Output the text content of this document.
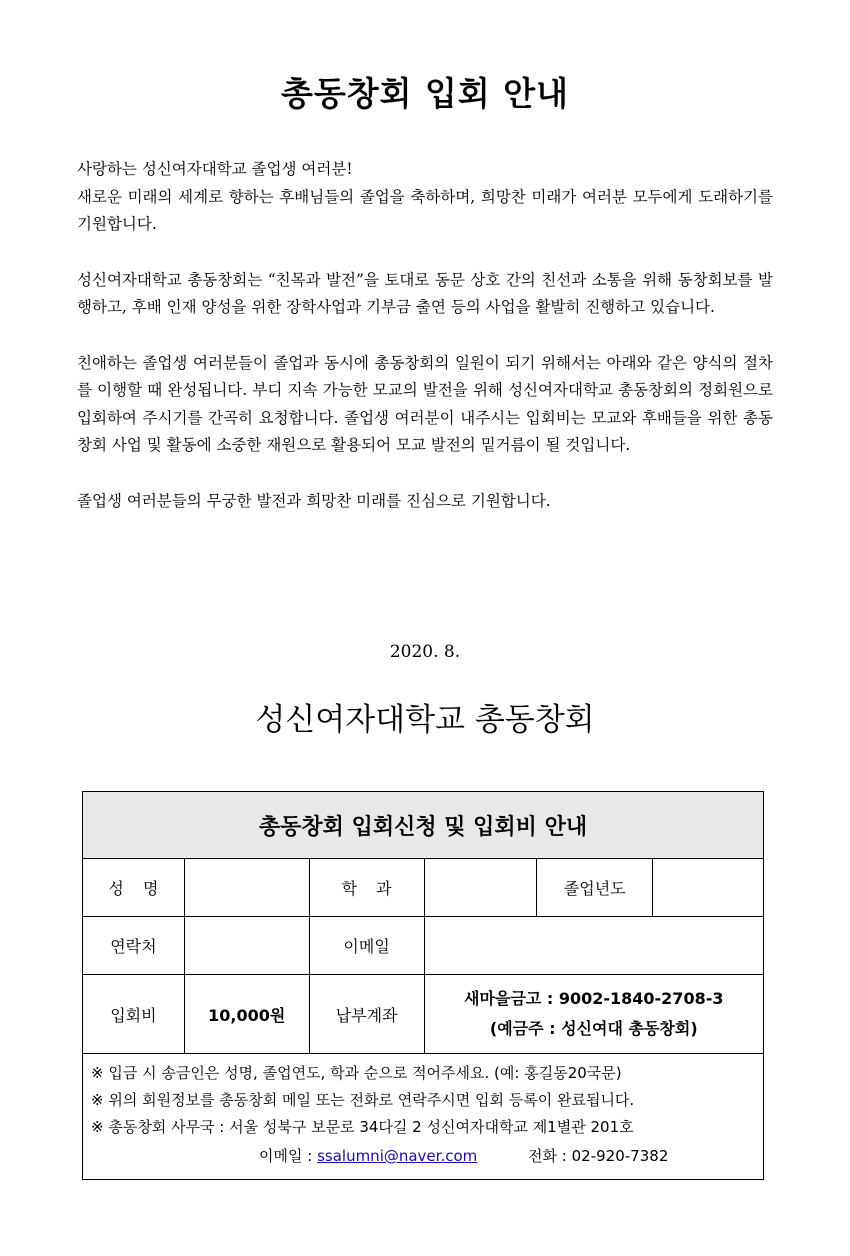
총동창회 입회 안내

사랑하는 성신여자대학교 졸업생 여러분!
새로운 미래의 세계로 향하는 후배님들의 졸업을 축하하며, 희망찬 미래가 여러분 모두에게 도래하기를 기원합니다.

성신여자대학교 총동창회는 “친목과 발전”을 토대로 동문 상호 간의 친선과 소통을 위해 동창회보를 발행하고, 후배 인재 양성을 위한 장학사업과 기부금 출연 등의 사업을 활발히 진행하고 있습니다.

친애하는 졸업생 여러분들이 졸업과 동시에 총동창회의 일원이 되기 위해서는 아래와 같은 양식의 절차를 이행할 때 완성됩니다. 부디 지속 가능한 모교의 발전을 위해 성신여자대학교 총동창회의 정회원으로 입회하여 주시기를 간곡히 요청합니다. 졸업생 여러분이 내주시는 입회비는 모교와 후배들을 위한 총동창회 사업 및 활동에 소중한 재원으로 활용되어 모교 발전의 밑거름이 될 것입니다.

졸업생 여러분들의 무궁한 발전과 희망찬 미래를 진심으로 기원합니다.

2020. 8.
성신여자대학교 총동창회
총동창회 입회신청 및 입회비 안내					
성 명		학 과		졸업년도	
연락처		이메일			
입회비	10,000원	납부계좌	새마을금고 : 9002-1840-2708-3
(예금주 : 성신여대 총동창회)		

※ 입금 시 송금인은 성명, 졸업연도, 학과 순으로 적어주세요. (예: 홍길동20국문)
※ 위의 회원정보를 총동창회 메일 또는 전화로 연락주시면 입회 등록이 완료됩니다.
※ 총동창회 사무국 : 서울 성북구 보문로 34다길 2 성신여자대학교 제1별관 201호
이메일 : ssalumni@naver.com 전화 : 02-920-7382					
